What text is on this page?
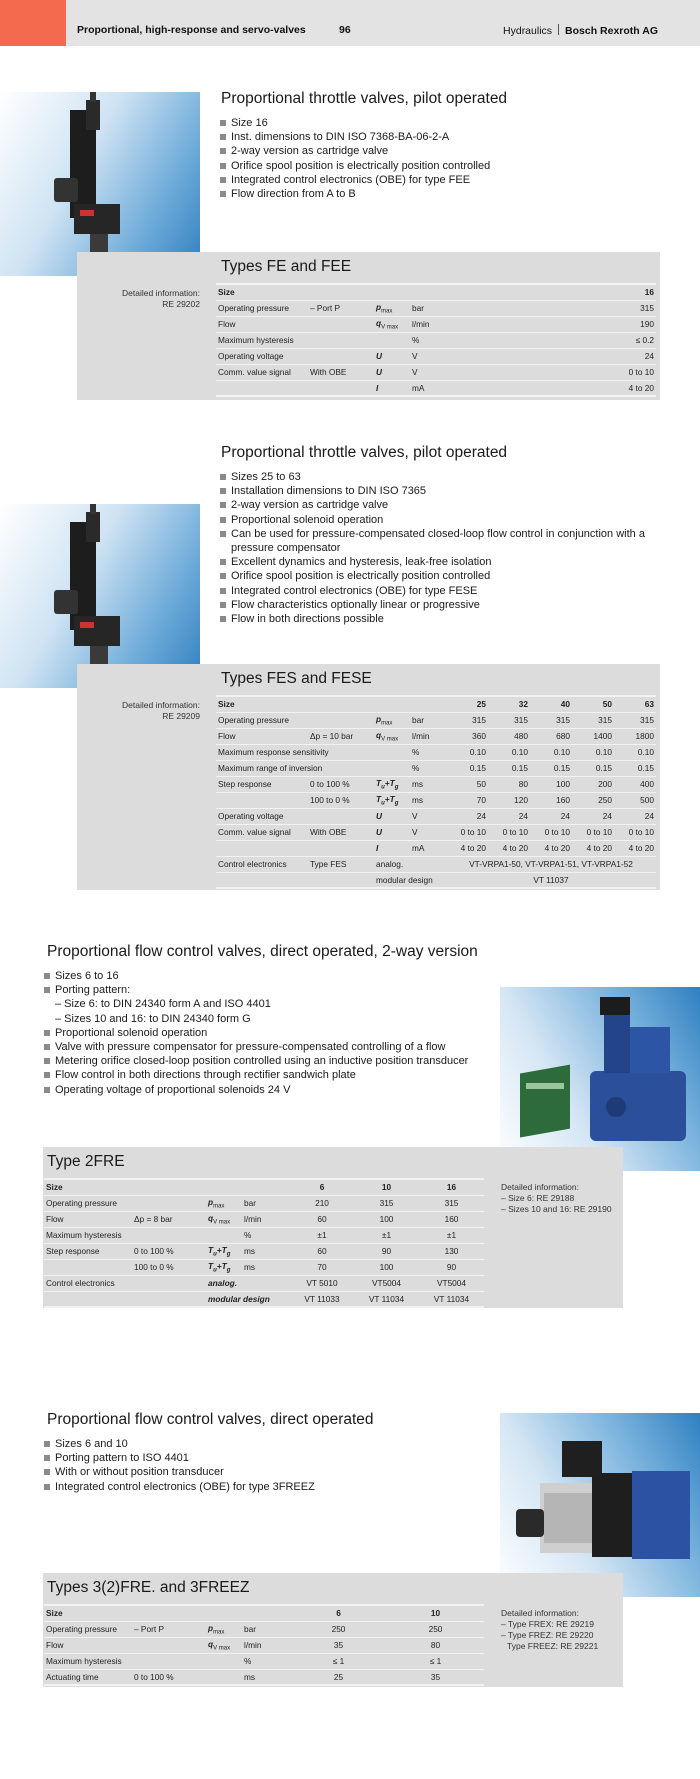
Proportional, high-response and servo-valves	96	Hydraulics Bosch Rexroth AG
Proportional throttle valves, pilot operated
Size 16
Inst. dimensions to DIN ISO 7368-BA-06-2-A
2-way version as cartridge valve
Orifice spool position is electrically position controlled
Integrated control electronics (OBE) for type FEE
Flow direction from A to B
Types FE and FEE
Detailed information:
RE 29202
Size				16
Operating pressure	– Port P	$p_{max}$	bar	315
Flow		$q_{V max}$	l/min	190
Maximum hysteresis			%	≤ 0.2
Operating voltage		U	V	24
Comm. value signal	With OBE	U	V	0 to 10
		I	mA	4 to 20
Proportional throttle valves, pilot operated
Sizes 25 to 63
Installation dimensions to DIN ISO 7365
2-way version as cartridge valve
Proportional solenoid operation
Can be used for pressure-compensated closed-loop flow control in conjunction with a
pressure compensator
Excellent dynamics and hysteresis, leak-free isolation
Orifice spool position is electrically position controlled
Integrated control electronics (OBE) for type FESE
Flow characteristics optionally linear or progressive
Flow in both directions possible
Types FES and FESE
Detailed information:
RE 29209
Size				25	32	40	50	63
Operating pressure		$p_{max}$	bar	315	315	315	315	315
Flow	Δp = 10 bar	$q_{V max}$	l/min	360	480	680	1400	1800
Maximum response sensitivity			%	0.10	0.10	0.10	0.10	0.10
Maximum range of inversion			%	0.15	0.15	0.15	0.15	0.15
Step response	0 to 100 %	$T_u+T_g$	ms	50	80	100	200	400
	100 to 0 %	$T_u+T_g$	ms	70	120	160	250	500
Operating voltage		U	V	24	24	24	24	24
Comm. value signal	With OBE	U	V	0 to 10	0 to 10	0 to 10	0 to 10	0 to 10
		I	mA	4 to 20	4 to 20	4 to 20	4 to 20	4 to 20
Control electronics	Type FES	analog.		VT-VRPA1-50, VT-VRPA1-51, VT-VRPA1-52				
		modular design		VT 11037				
Proportional flow control valves, direct operated, 2-way version
Sizes 6 to 16
Porting pattern:
– Size 6: to DIN 24340 form A and ISO 4401
– Sizes 10 and 16: to DIN 24340 form G
Proportional solenoid operation
Valve with pressure compensator for pressure-compensated controlling of a flow
Metering orifice closed-loop position controlled using an inductive position transducer
Flow control in both directions through rectifier sandwich plate
Operating voltage of proportional solenoids 24 V
Type 2FRE
Detailed information:
– Size 6: RE 29188
– Sizes 10 and 16: RE 29190
Size				6	10	16
Operating pressure		$p_{max}$	bar	210	315	315
Flow	Δp = 8 bar	$q_{V max}$	l/min	60	100	160
Maximum hysteresis			%	±1	±1	±1
Step response	0 to 100 %	$T_u+T_g$	ms	60	90	130
	100 to 0 %	$T_u+T_g$	ms	70	100	90
Control electronics		analog.		VT 5010	VT5004	VT5004
		modular design		VT 11033	VT 11034	VT 11034
Proportional flow control valves, direct operated
Sizes 6 and 10
Porting pattern to ISO 4401
With or without position transducer
Integrated control electronics (OBE) for type 3FREEZ
Types 3(2)FRE. and 3FREEZ
Detailed information:
– Type FREX: RE 29219
– Type FREZ: RE 29220
Type FREEZ: RE 29221
Size				6	10
Operating pressure	– Port P	$p_{max}$	bar	250	250
Flow		$q_{V max}$	l/min	35	80
Maximum hysteresis			%	≤ 1	≤ 1
Actuating time	0 to 100 %		ms	25	35
